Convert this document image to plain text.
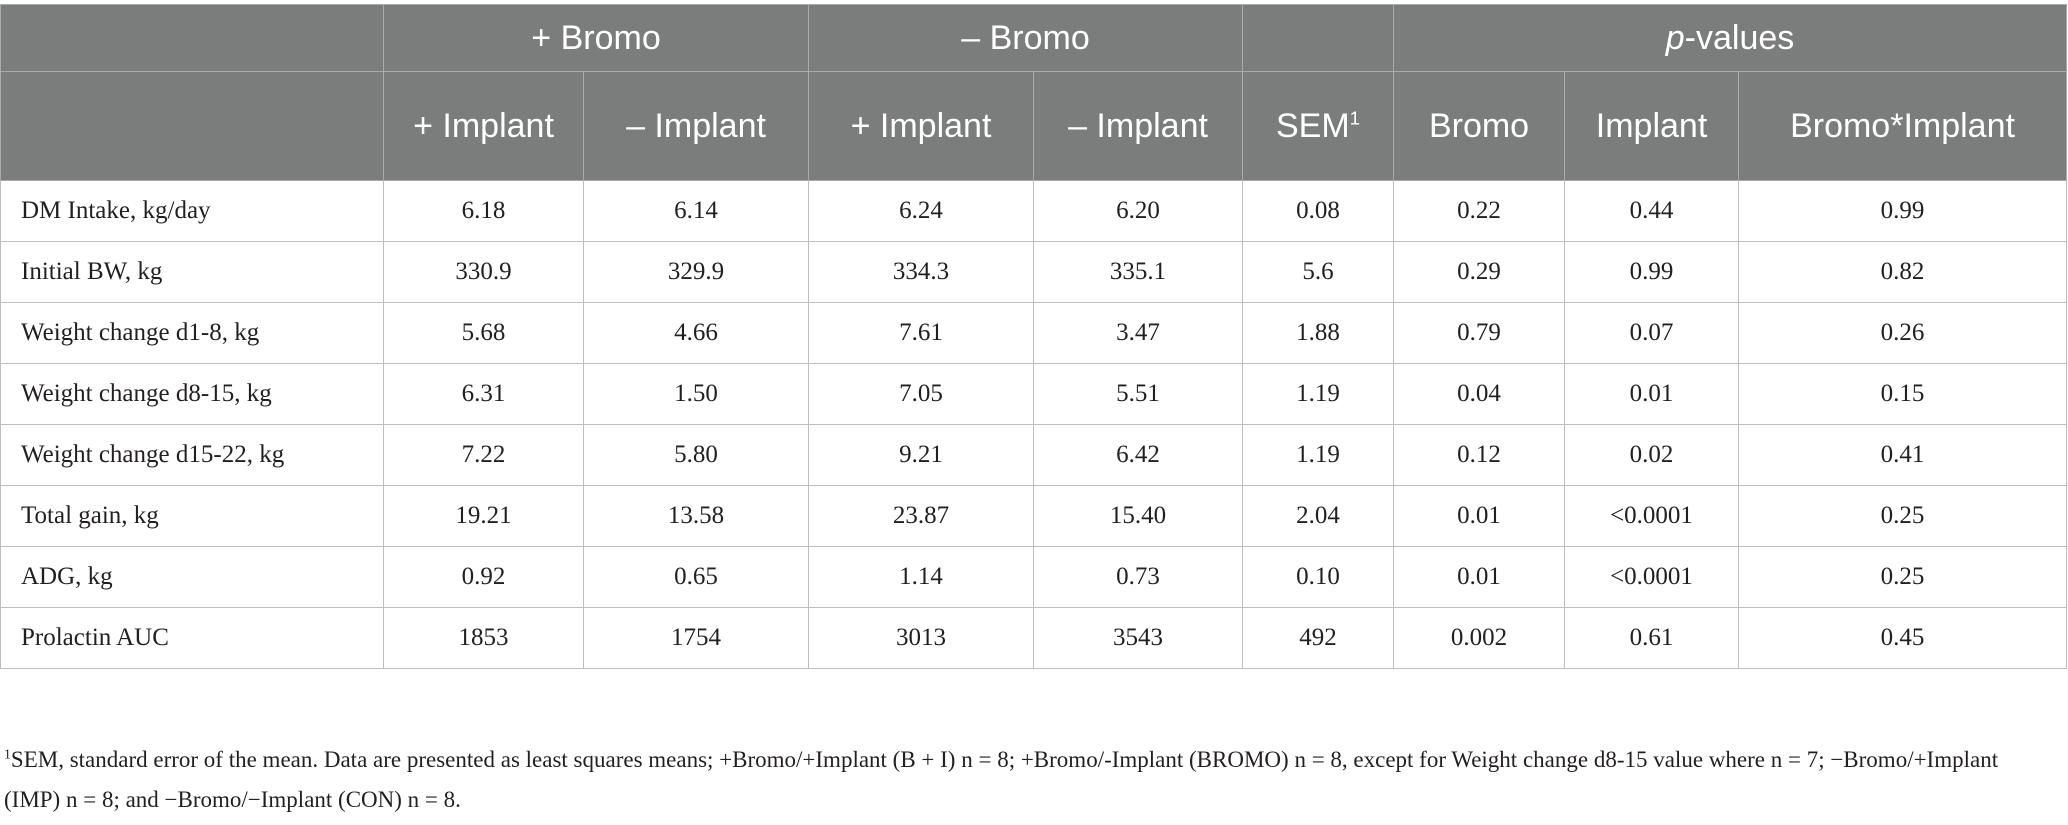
	+ Bromo		– Bromo			p-values		
	+ Implant	– Implant	+ Implant	– Implant	SEM$^1$	Bromo	Implant	Bromo*Implant
DM Intake, kg/day	6.18	6.14	6.24	6.20	0.08	0.22	0.44	0.99
Initial BW, kg	330.9	329.9	334.3	335.1	5.6	0.29	0.99	0.82
Weight change d1-8, kg	5.68	4.66	7.61	3.47	1.88	0.79	0.07	0.26
Weight change d8-15, kg	6.31	1.50	7.05	5.51	1.19	0.04	0.01	0.15
Weight change d15-22, kg	7.22	5.80	9.21	6.42	1.19	0.12	0.02	0.41
Total gain, kg	19.21	13.58	23.87	15.40	2.04	0.01	<0.0001	0.25
ADG, kg	0.92	0.65	1.14	0.73	0.10	0.01	<0.0001	0.25
Prolactin AUC	1853	1754	3013	3543	492	0.002	0.61	0.45
$^1$SEM, standard error of the mean. Data are presented as least squares means; +Bromo/+Implant (B + I) n = 8; +Bromo/-Implant (BROMO) n = 8, except for Weight change d8-15 value where n = 7; −Bromo/+Implant (IMP) n = 8; and −Bromo/−Implant (CON) n = 8.
